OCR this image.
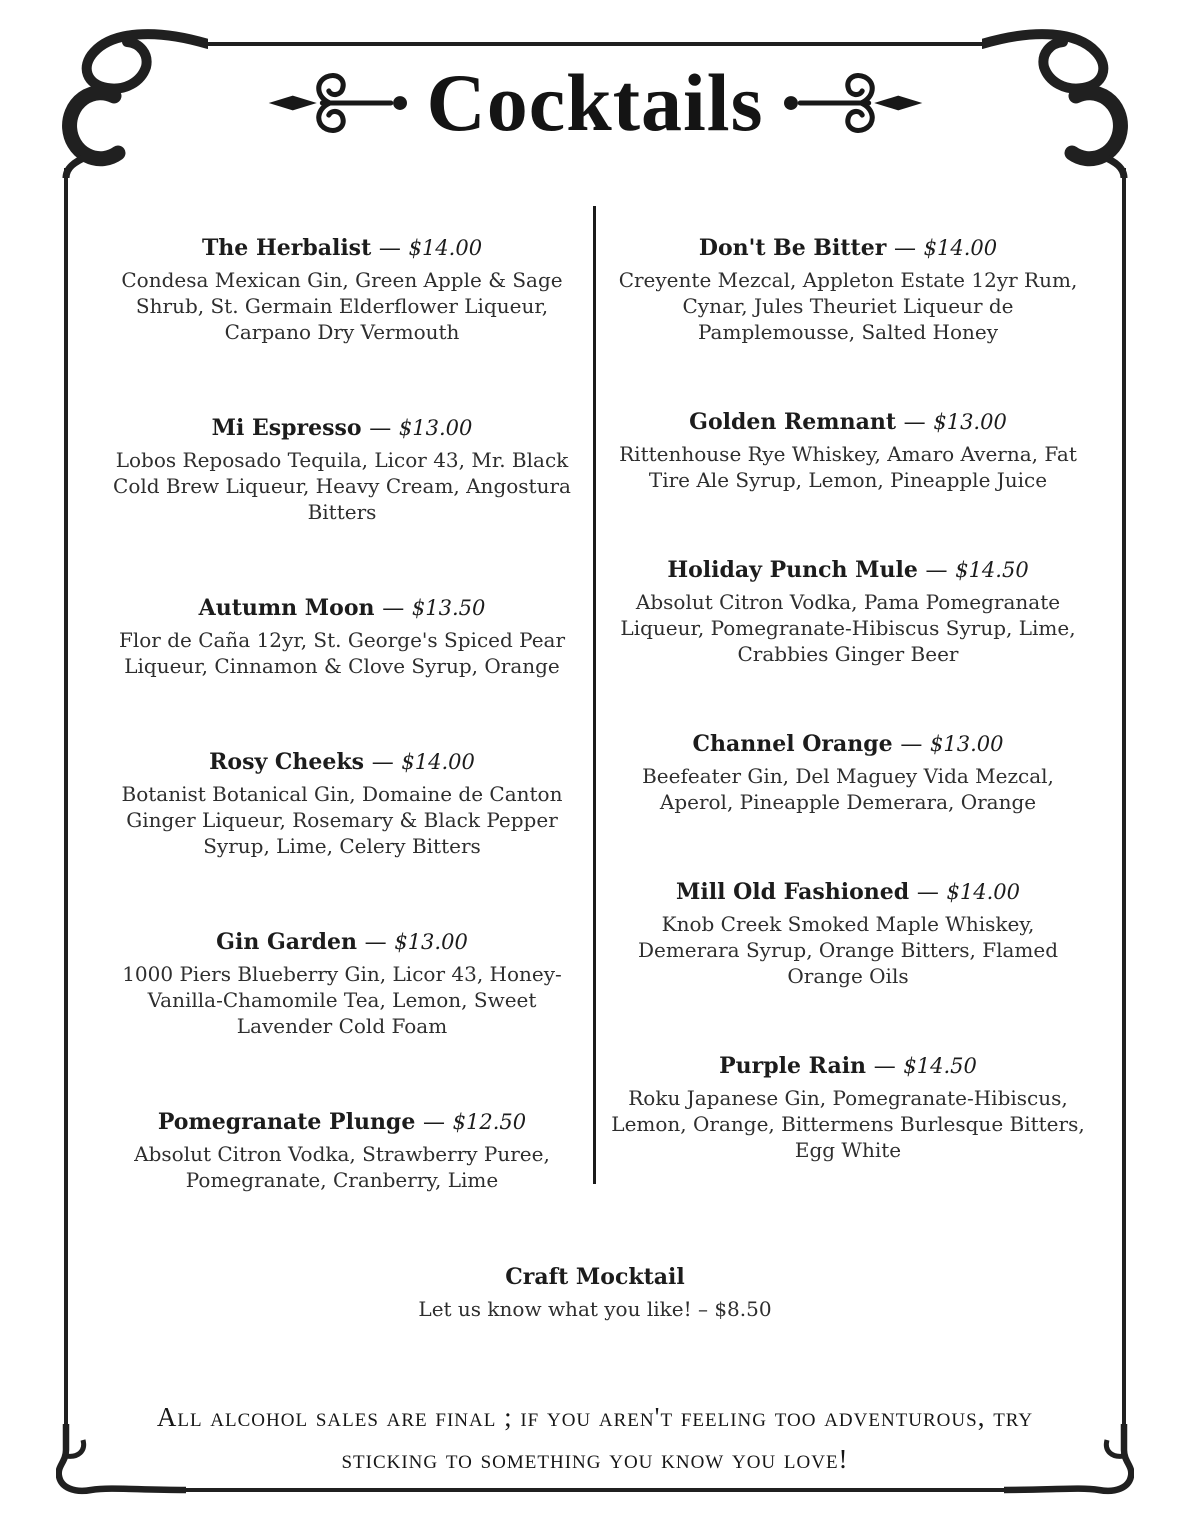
Cocktails
The Herbalist — $14.00
Condesa Mexican Gin, Green Apple & Sage Shrub, St. Germain Elderflower Liqueur, Carpano Dry Vermouth
Mi Espresso — $13.00
Lobos Reposado Tequila, Licor 43, Mr. Black Cold Brew Liqueur, Heavy Cream, Angostura Bitters
Autumn Moon — $13.50
Flor de Caña 12yr, St. George's Spiced Pear Liqueur, Cinnamon & Clove Syrup, Orange
Rosy Cheeks — $14.00
Botanist Botanical Gin, Domaine de Canton Ginger Liqueur, Rosemary & Black Pepper Syrup, Lime, Celery Bitters
Gin Garden — $13.00
1000 Piers Blueberry Gin, Licor 43, Honey-Vanilla-Chamomile Tea, Lemon, Sweet Lavender Cold Foam
Pomegranate Plunge — $12.50
Absolut Citron Vodka, Strawberry Puree, Pomegranate, Cranberry, Lime
Don't Be Bitter — $14.00
Creyente Mezcal, Appleton Estate 12yr Rum, Cynar, Jules Theuriet Liqueur de Pamplemousse, Salted Honey
Golden Remnant — $13.00
Rittenhouse Rye Whiskey, Amaro Averna, Fat Tire Ale Syrup, Lemon, Pineapple Juice
Holiday Punch Mule — $14.50
Absolut Citron Vodka, Pama Pomegranate Liqueur, Pomegranate-Hibiscus Syrup, Lime, Crabbies Ginger Beer
Channel Orange — $13.00
Beefeater Gin, Del Maguey Vida Mezcal, Aperol, Pineapple Demerara, Orange
Mill Old Fashioned — $14.00
Knob Creek Smoked Maple Whiskey, Demerara Syrup, Orange Bitters, Flamed Orange Oils
Purple Rain — $14.50
Roku Japanese Gin, Pomegranate-Hibiscus, Lemon, Orange, Bittermens Burlesque Bitters, Egg White
Craft Mocktail
Let us know what you like! – $8.50
All alcohol sales are final ; if you aren't feeling too adventurous, try sticking to something you know you love!
